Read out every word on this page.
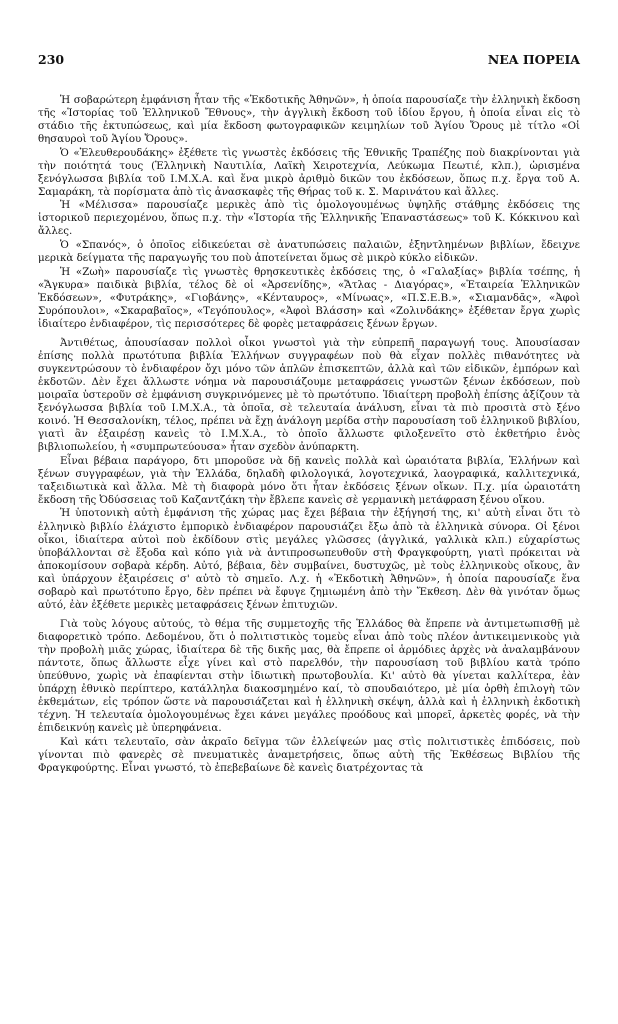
230	ΝΕΑ ΠΟΡΕΙΑ

Ἡ σοβαρώτερη ἐμφάνιση ἦταν τῆς «Ἐκδοτικῆς Ἀθηνῶν», ἡ ὁποία παρουσίαζε τὴν ἑλληνικὴ ἔκδοση τῆς «Ἱστορίας τοῦ Ἑλληνικοῦ Ἔθνους», τὴν ἀγγλικὴ ἔκδοση τοῦ ἰδίου ἔργου, ἡ ὁποία εἶναι εἰς τὸ στάδιο τῆς ἐκτυπώσεως, καὶ μία ἔκδοση φωτογραφικῶν κειμηλίων τοῦ Ἁγίου Ὄρους μὲ τίτλο «Οἱ θησαυροὶ τοῦ Ἁγίου Ὄρους».

Ὁ «Ἐλευθερουδάκης» ἐξέθετε τὶς γνωστὲς ἐκδόσεις τῆς Ἐθνικῆς Τραπέζης ποὺ διακρίνονται γιὰ τὴν ποιότητά τους (Ἑλληνικὴ Ναυτιλία, Λαϊκὴ Χειροτεχνία, Λεύκωμα Πεωτιέ, κλπ.), ὡρισμένα ξενόγλωσσα βιβλία τοῦ Ι.Μ.Χ.Α. καὶ ἕνα μικρὸ ἀριθμὸ δικῶν του ἐκδόσεων, ὅπως π.χ. ἔργα τοῦ Α. Σαμαράκη, τὰ πορίσματα ἀπὸ τὶς ἀνασκαφὲς τῆς Θήρας τοῦ κ. Σ. Μαρινάτου καὶ ἄλλες.

Ἡ «Μέλισσα» παρουσίαζε μερικὲς ἀπὸ τὶς ὁμολογουμένως ὑψηλῆς στάθμης ἐκδόσεις της ἱστορικοῦ περιεχομένου, ὅπως π.χ. τὴν «Ἱστορία τῆς Ἑλληνικῆς Ἐπαναστάσεως» τοῦ Κ. Κόκκινου καὶ ἄλλες.

Ὁ «Σπανός», ὁ ὁποῖος εἰδικεύεται σὲ ἀνατυπώσεις παλαιῶν, ἐξηντλημένων βιβλίων, ἔδειχνε μερικὰ δείγματα τῆς παραγωγῆς του ποὺ ἀποτείνεται ὅμως σὲ μικρὸ κύκλο εἰδικῶν.

Ἡ «Ζωὴ» παρουσίαζε τὶς γνωστὲς θρησκευτικὲς ἐκδόσεις της, ὁ «Γαλαξίας» βιβλία τσέπης, ἡ «Ἄγκυρα» παιδικὰ βιβλία, τέλος δὲ οἱ «Ἀρσενίδης», «Ἄτλας - Διαγόρας», «Ἑταιρεία Ἑλληνικῶν Ἐκδόσεων», «Φυτράκης», «Γιοβάνης», «Κένταυρος», «Μίνωας», «Π.Σ.Ε.Β.», «Σιαμανδᾶς», «Ἀφοὶ Συρόπουλοι», «Σκαραβαῖος», «Τεγόπουλος», «Ἀφοὶ Βλάσση» καὶ «Ζολινδάκης» ἐξέθεταν ἔργα χωρὶς ἰδιαίτερο ἐνδιαφέρον, τὶς περισσότερες δὲ φορὲς μεταφράσεις ξένων ἔργων.

Ἀντιθέτως, ἀπουσίασαν πολλοὶ οἶκοι γνωστοὶ γιὰ τὴν εὐπρεπῆ παραγωγή τους. Ἀπουσίασαν ἐπίσης πολλὰ πρωτότυπα βιβλία Ἑλλήνων συγγραφέων ποὺ θὰ εἶχαν πολλὲς πιθανότητες νὰ συγκεντρώσουν τὸ ἐνδιαφέρον ὄχι μόνο τῶν ἁπλῶν ἐπισκεπτῶν, ἀλλὰ καὶ τῶν εἰδικῶν, ἐμπόρων καὶ ἐκδοτῶν. Δὲν ἔχει ἄλλωστε νόημα νὰ παρουσιάζουμε μεταφράσεις γνωστῶν ξένων ἐκδόσεων, ποὺ μοιραῖα ὑστεροῦν σὲ ἐμφάνιση συγκρινόμενες μὲ τὸ πρωτότυπο. Ἰδιαίτερη προβολὴ ἐπίσης ἀξίζουν τὰ ξενόγλωσσα βιβλία τοῦ Ι.Μ.Χ.Α., τὰ ὁποῖα, σὲ τελευταία ἀνάλυση, εἶναι τὰ πιὸ προσιτὰ στὸ ξένο κοινό. Ἡ Θεσσαλονίκη, τέλος, πρέπει νὰ ἔχῃ ἀνάλογη μερίδα στὴν παρουσίαση τοῦ ἑλληνικοῦ βιβλίου, γιατὶ ἂν ἐξαιρέσῃ κανεὶς τὸ Ι.Μ.Χ.Α., τὸ ὁποῖο ἄλλωστε φιλοξενεῖτο στὸ ἐκθετήριο ἑνὸς βιβλιοπωλείου, ἡ «συμπρωτεύουσα» ἦταν σχεδὸν ἀνύπαρκτη.

Εἶναι βέβαια παράγορο, δτι μποροῦσε νὰ δῇ κανεὶς πολλὰ καὶ ὡραιότατα βιβλία, Ἑλλήνων καὶ ξένων συγγραφέων, γιὰ τὴν Ἑλλάδα, δηλαδὴ φιλολογικά, λογοτεχνικά, λαογραφικά, καλλιτεχνικά, ταξειδιωτικὰ καὶ ἄλλα. Μὲ τὴ διαφορὰ μόνο ὅτι ἦταν ἐκδόσεις ξένων οἴκων. Π.χ. μία ὡραιοτάτη ἔκδοση τῆς Ὀδύσσειας τοῦ Καζαντζάκη τὴν ἔβλεπε κανεὶς σὲ γερμανικὴ μετάφραση ξένου οἴκου.

Ἡ ὑποτονικὴ αὐτὴ ἐμφάνιση τῆς χώρας μας ἔχει βέβαια τὴν ἐξήγησή της, κι' αὐτὴ εἶναι ὅτι τὸ ἑλληνικὸ βιβλίο ἐλάχιστο ἐμπορικὸ ἐνδιαφέρον παρουσιάζει ἔξω ἀπὸ τὰ ἑλληνικὰ σύνορα. Οἱ ξένοι οἶκοι, ἰδιαίτερα αὐτοὶ ποὺ ἐκδίδουν στὶς μεγάλες γλῶσσες (ἀγγλικά, γαλλικὰ κλπ.) εὐχαρίστως ὑποβάλλονται σὲ ἔξοδα καὶ κόπο γιὰ νὰ ἀντιπροσωπευθοῦν στὴ Φραγκφούρτη, γιατὶ πρόκειται νὰ ἀποκομίσουν σοβαρὰ κέρδη. Αὐτό, βέβαια, δὲν συμβαίνει, δυστυχῶς, μὲ τοὺς ἑλληνικοὺς οἴκους, ἂν καὶ ὑπάρχουν ἐξαιρέσεις σ' αὐτὸ τὸ σημεῖο. Λ.χ. ἡ «Ἐκδοτικὴ Ἀθηνῶν», ἡ ὁποία παρουσίαζε ἕνα σοβαρὸ καὶ πρωτότυπο ἔργο, δὲν πρέπει νὰ ἔφυγε ζημιωμένη ἀπὸ τὴν Ἔκθεση. Δὲν θὰ γινόταν ὅμως αὐτό, ἐὰν ἐξέθετε μερικὲς μεταφράσεις ξένων ἐπιτυχιῶν.

Γιὰ τοὺς λόγους αὐτούς, τὸ θέμα τῆς συμμετοχῆς τῆς Ἑλλάδος θὰ ἔπρεπε νὰ ἀντιμετωπισθῇ μὲ διαφορετικὸ τρόπο. Δεδομένου, ὅτι ὁ πολιτιστικὸς τομεὺς εἶναι ἀπὸ τοὺς πλέον ἀντικειμενικοὺς γιὰ τὴν προβολὴ μιᾶς χώρας, ἰδιαίτερα δὲ τῆς δικῆς μας, θὰ ἔπρεπε οἱ ἁρμόδιες ἀρχὲς νὰ ἀναλαμβάνουν πάντοτε, ὅπως ἄλλωστε εἶχε γίνει καὶ στὸ παρελθόν, τὴν παρουσίαση τοῦ βιβλίου κατὰ τρόπο ὑπεύθυνο, χωρὶς νὰ ἐπαφίενται στὴν ἰδιωτικὴ πρωτοβουλία. Κι' αὐτὸ θὰ γίνεται καλλίτερα, ἐὰν ὑπάρχῃ ἐθνικὸ περίπτερο, κατάλληλα διακοσμημένο καί, τὸ σπουδαιότερο, μὲ μία ὀρθὴ ἐπιλογὴ τῶν ἐκθεμάτων, εἰς τρόπον ὥστε νὰ παρουσιάζεται καὶ ἡ ἑλληνικὴ σκέψη, ἀλλὰ καὶ ἡ ἑλληνικὴ ἐκδοτικὴ τέχνη. Ἡ τελευταία ὁμολογουμένως ἔχει κάνει μεγάλες προόδους καὶ μπορεῖ, ἀρκετὲς φορές, νὰ τὴν ἐπιδεικνύῃ κανεὶς μὲ ὑπερηφάνεια.

Καὶ κάτι τελευταῖο, σὰν ἀκραῖο δεῖγμα τῶν ἐλλείψεών μας στὶς πολιτιστικὲς ἐπιδόσεις, ποὺ γίνονται πιὸ φανερὲς σὲ πνευματικὲς ἀναμετρήσεις, ὅπως αὐτὴ τῆς Ἐκθέσεως Βιβλίου τῆς Φραγκφούρτης. Εἶναι γνωστό, τὸ ἐπεβεβαίωνε δὲ κανεὶς διατρέχοντας τὰ
